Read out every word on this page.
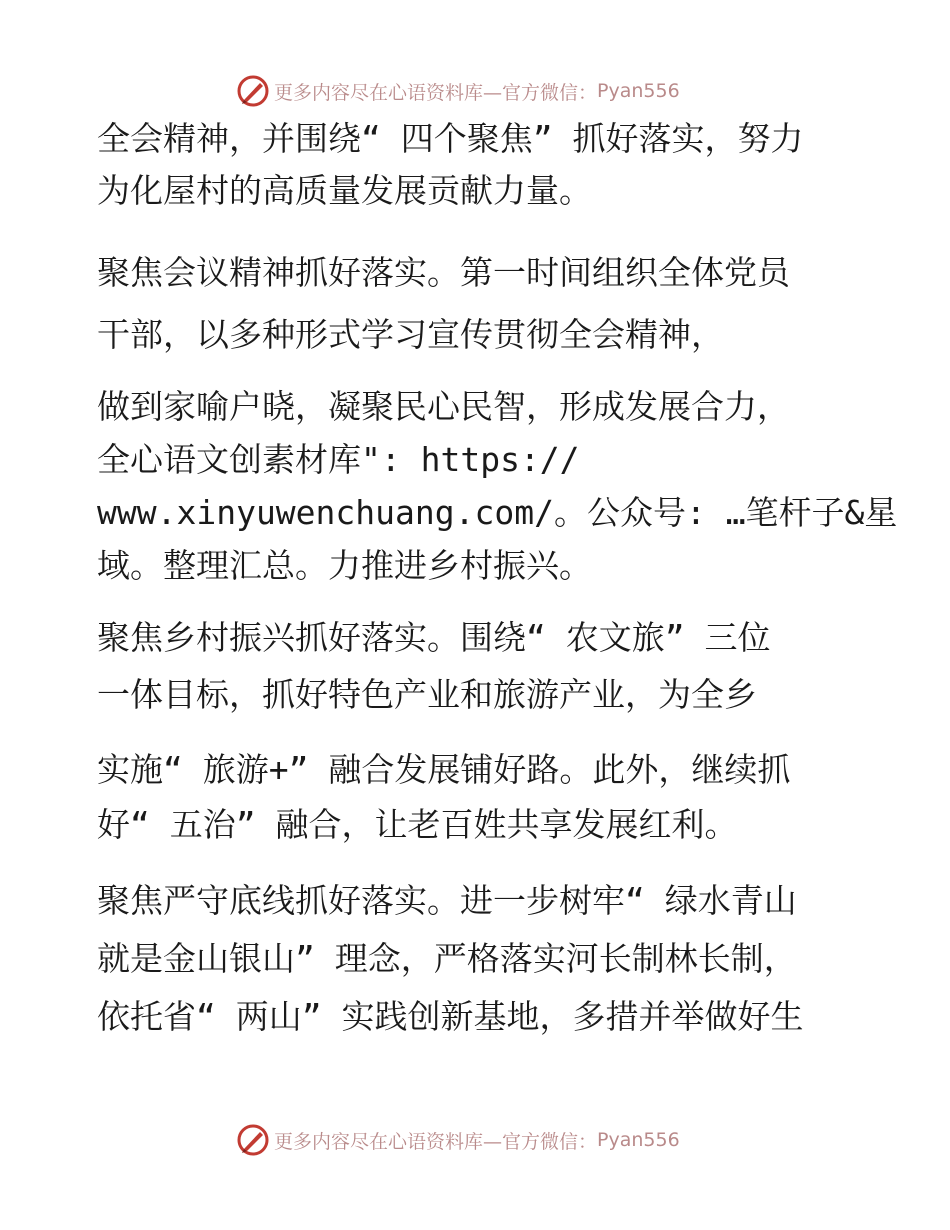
更多内容尽在心语资料库—官方微信： Pyan556
全会精神，并围绕“ 四个聚焦” 抓好落实，努力
为化屋村的高质量发展贡献力量。
聚焦会议精神抓好落实。第一时间组织全体党员
干部，以多种形式学习宣传贯彻全会精神，
做到家喻户晓，凝聚民心民智，形成发展合力，
全心语文创素材库": https://
www.xinyuwenchuang.com/。公众号: …笔杆子&星
域。整理汇总。力推进乡村振兴。
聚焦乡村振兴抓好落实。围绕“ 农文旅” 三位
一体目标，抓好特色产业和旅游产业，为全乡
实施“ 旅游+” 融合发展铺好路。此外，继续抓
好“ 五治” 融合，让老百姓共享发展红利。
聚焦严守底线抓好落实。进一步树牢“ 绿水青山
就是金山银山” 理念，严格落实河长制林长制，
依托省“ 两山” 实践创新基地，多措并举做好生
更多内容尽在心语资料库—官方微信： Pyan556
